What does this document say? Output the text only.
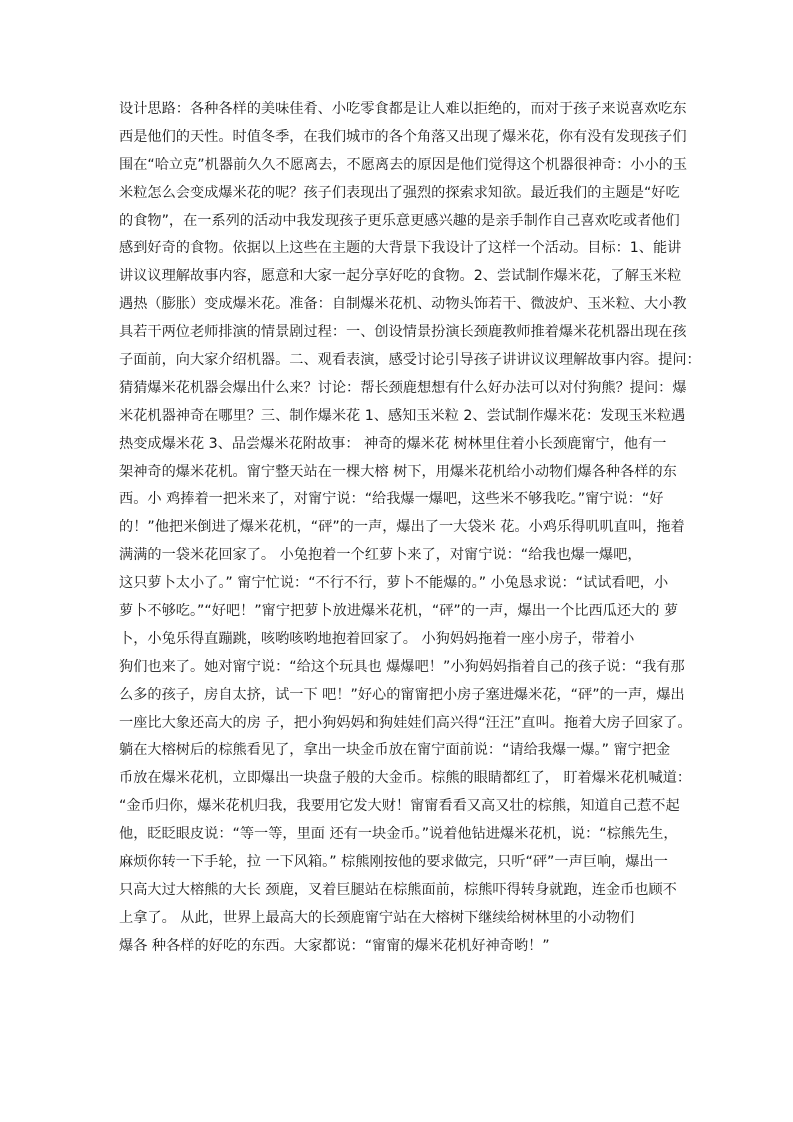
设计思路：各种各样的美味佳肴、小吃零食都是让人难以拒绝的，而对于孩子来说喜欢吃东
西是他们的天性。时值冬季，在我们城市的各个角落又出现了爆米花，你有没有发现孩子们
围在“哈立克”机器前久久不愿离去，不愿离去的原因是他们觉得这个机器很神奇：小小的玉
米粒怎么会变成爆米花的呢？孩子们表现出了强烈的探索求知欲。最近我们的主题是“好吃
的食物”，在一系列的活动中我发现孩子更乐意更感兴趣的是亲手制作自己喜欢吃或者他们
感到好奇的食物。依据以上这些在主题的大背景下我设计了这样一个活动。目标：1、能讲
讲议议理解故事内容，愿意和大家一起分享好吃的食物。2、尝试制作爆米花，了解玉米粒
遇热（膨胀）变成爆米花。准备：自制爆米花机、动物头饰若干、微波炉、玉米粒、大小教
具若干两位老师排演的情景剧过程：一、创设情景扮演长颈鹿教师推着爆米花机器出现在孩
子面前，向大家介绍机器。二、观看表演，感受讨论引导孩子讲讲议议理解故事内容。提问：
猜猜爆米花机器会爆出什么来？讨论：帮长颈鹿想想有什么好办法可以对付狗熊？提问：爆
米花机器神奇在哪里？三、制作爆米花 1、感知玉米粒 2、尝试制作爆米花：发现玉米粒遇
热变成爆米花 3、品尝爆米花附故事： 神奇的爆米花 树林里住着小长颈鹿甯宁，他有一
架神奇的爆米花机。甯宁整天站在一棵大榕 树下，用爆米花机给小动物们爆各种各样的东
西。小 鸡捧着一把米来了，对甯宁说：“给我爆一爆吧，这些米不够我吃。”甯宁说：“好
的！”他把米倒进了爆米花机，“砰”的一声，爆出了一大袋米 花。小鸡乐得叽叽直叫，拖着
满满的一袋米花回家了。 小兔抱着一个红萝卜来了，对甯宁说：“给我也爆一爆吧，
这只萝卜太小了。” 甯宁忙说：“不行不行，萝卜不能爆的。” 小兔恳求说：“试试看吧，小
萝卜不够吃。”“好吧！”甯宁把萝卜放进爆米花机，“砰”的一声，爆出一个比西瓜还大的 萝
卜，小兔乐得直蹦跳，咳哟咳哟地抱着回家了。 小狗妈妈拖着一座小房子，带着小
狗们也来了。她对甯宁说：“给这个玩具也 爆爆吧！”小狗妈妈指着自己的孩子说：“我有那
么多的孩子，房自太挤，试一下 吧！”好心的甯甯把小房子塞进爆米花，“砰”的一声，爆出
一座比大象还高大的房 子，把小狗妈妈和狗娃娃们高兴得“汪汪”直叫。拖着大房子回家了。
躺在大榕树后的棕熊看见了，拿出一块金币放在甯宁面前说：“请给我爆一爆。” 甯宁把金
币放在爆米花机，立即爆出一块盘子般的大金币。棕熊的眼睛都红了， 盯着爆米花机喊道：
“金币归你，爆米花机归我，我要用它发大财！甯甯看看又高又壮的棕熊，知道自己惹不起
他，眨眨眼皮说：“等一等，里面 还有一块金币。”说着他钻进爆米花机，说：“棕熊先生，
麻烦你转一下手轮，拉 一下风箱。” 棕熊刚按他的要求做完，只听“砰”一声巨响，爆出一
只高大过大榕熊的大长 颈鹿，叉着巨腿站在棕熊面前，棕熊吓得转身就跑，连金币也顾不
上拿了。 从此，世界上最高大的长颈鹿甯宁站在大榕树下继续给树林里的小动物们
爆各 种各样的好吃的东西。大家都说：“甯甯的爆米花机好神奇哟！”
